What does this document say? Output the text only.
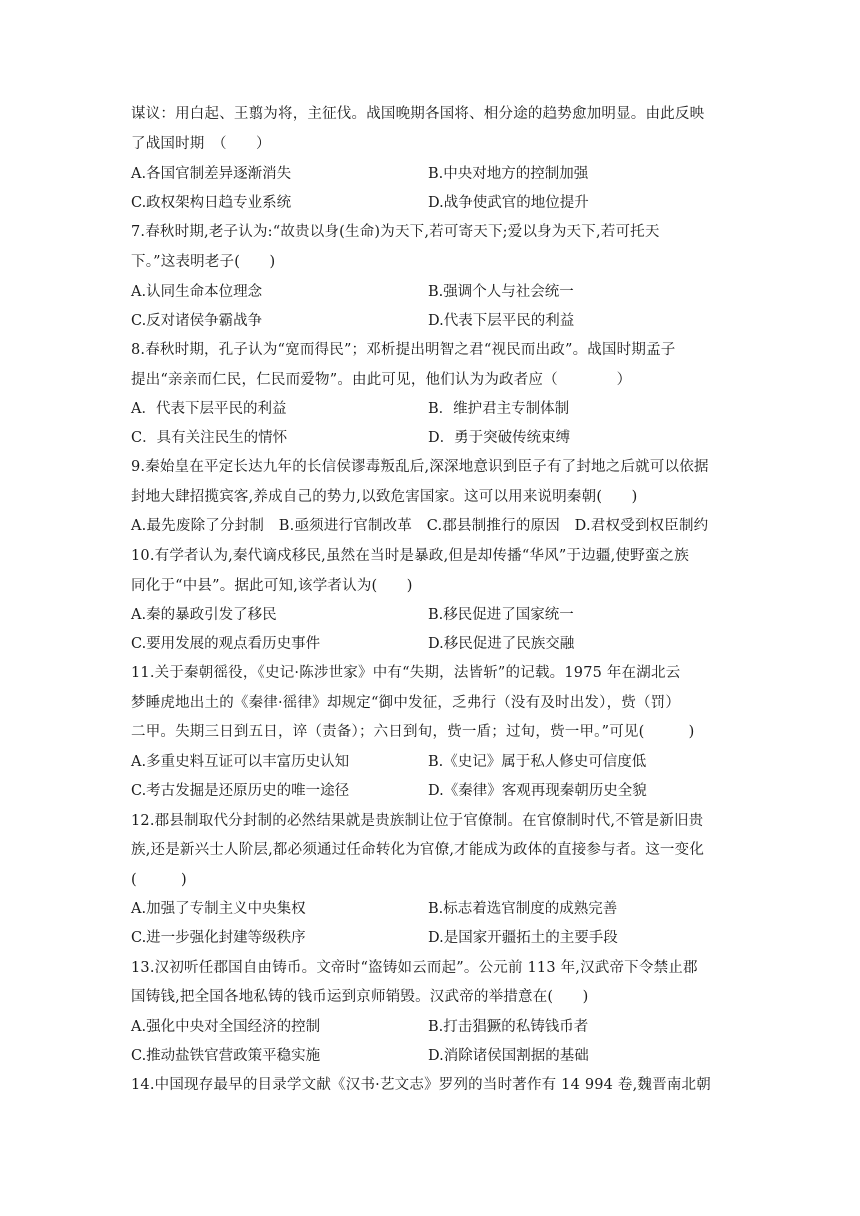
谋议：用白起、王翦为将，主征伐。战国晚期各国将、相分途的趋势愈加明显。由此反映
了战国时期　（　　）
A.各国官制差异逐渐消失	B.中央对地方的控制加强
C.政权架构日趋专业系统	D.战争使武官的地位提升
7.春秋时期,老子认为:“故贵以身(生命)为天下,若可寄天下;爱以身为天下,若可托天
下。”这表明老子(　　)
A.认同生命本位理念	B.强调个人与社会统一
C.反对诸侯争霸战争	D.代表下层平民的利益
8.春秋时期，孔子认为“宽而得民”；邓析提出明智之君“视民而出政”。战国时期孟子
提出“亲亲而仁民，仁民而爱物”。由此可见，他们认为为政者应（　　　　）
A．代表下层平民的利益	B．维护君主专制体制
C．具有关注民生的情怀	D．勇于突破传统束缚
9.秦始皇在平定长达九年的长信侯谬毒叛乱后,深深地意识到臣子有了封地之后就可以依据
封地大肆招揽宾客,养成自己的势力,以致危害国家。这可以用来说明秦朝(　　)
A.最先废除了分封制　B.亟须进行官制改革　C.郡县制推行的原因　D.君权受到权臣制约
10.有学者认为,秦代谪戍移民,虽然在当时是暴政,但是却传播“华风”于边疆,使野蛮之族
同化于“中县”。据此可知,该学者认为(　　)
A.秦的暴政引发了移民	B.移民促进了国家统一
C.要用发展的观点看历史事件	D.移民促进了民族交融
11.关于秦朝徭役，《史记·陈涉世家》中有“失期，法皆斩”的记载。1975 年在湖北云
梦睡虎地出土的《秦律·徭律》却规定“御中发征，乏弗行（没有及时出发），赀（罚）
二甲。失期三日到五日，谇（责备）；六日到旬，赀一盾；过旬，赀一甲。”可见(　　　)
A.多重史料互证可以丰富历史认知	B.《史记》属于私人修史可信度低
C.考古发掘是还原历史的唯一途径	D.《秦律》客观再现秦朝历史全貌
12.郡县制取代分封制的必然结果就是贵族制让位于官僚制。在官僚制时代,不管是新旧贵
族,还是新兴士人阶层,都必须通过任命转化为官僚,才能成为政体的直接参与者。这一变化
(　　　)
A.加强了专制主义中央集权	B.标志着选官制度的成熟完善
C.进一步强化封建等级秩序	D.是国家开疆拓土的主要手段
13.汉初听任郡国自由铸币。文帝时“盗铸如云而起”。公元前 113 年,汉武帝下令禁止郡
国铸钱,把全国各地私铸的钱币运到京师销毁。汉武帝的举措意在(　　)
A.强化中央对全国经济的控制	B.打击猖獗的私铸钱币者
C.推动盐铁官营政策平稳实施	D.消除诸侯国割据的基础
14.中国现存最早的目录学文献《汉书·艺文志》罗列的当时著作有 14 994 卷,魏晋南北朝
